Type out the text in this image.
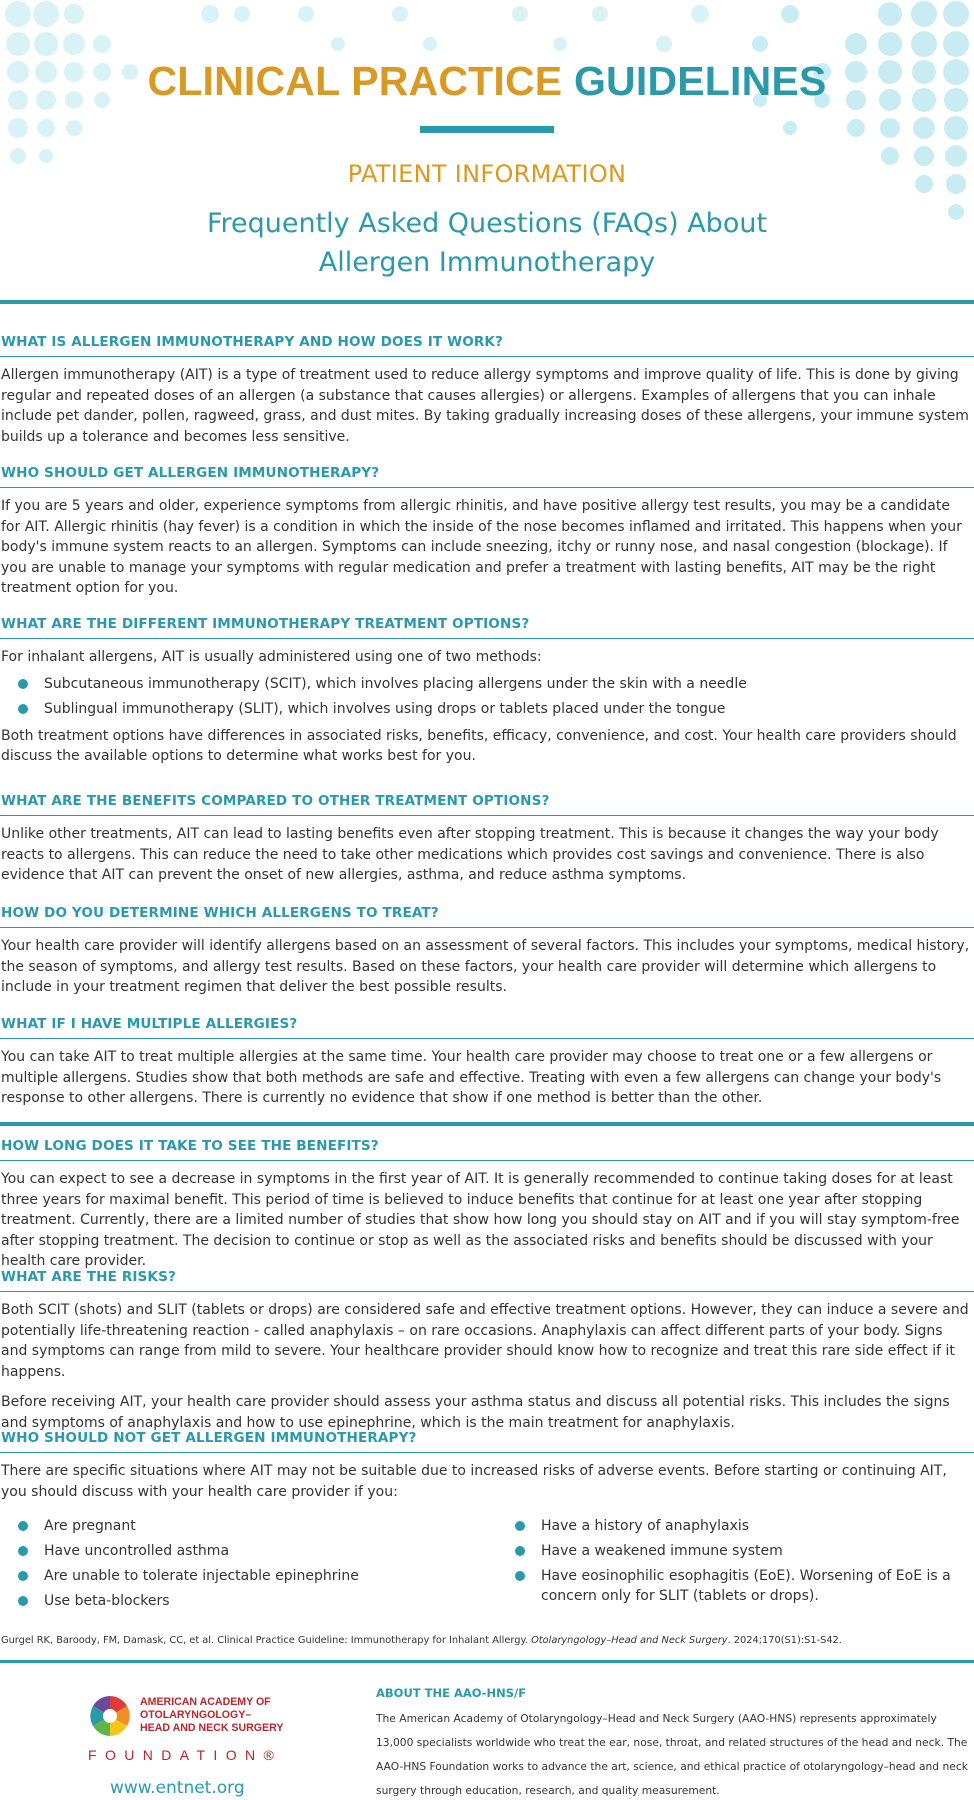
CLINICAL PRACTICE GUIDELINES
PATIENT INFORMATION
Frequently Asked Questions (FAQs) About
Allergen Immunotherapy
WHAT IS ALLERGEN IMMUNOTHERAPY AND HOW DOES IT WORK?
Allergen immunotherapy (AIT) is a type of treatment used to reduce allergy symptoms and improve quality of life. This is done by giving regular and repeated doses of an allergen (a substance that causes allergies) or allergens. Examples of allergens that you can inhale include pet dander, pollen, ragweed, grass, and dust mites. By taking gradually increasing doses of these allergens, your immune system builds up a tolerance and becomes less sensitive.
WHO SHOULD GET ALLERGEN IMMUNOTHERAPY?
If you are 5 years and older, experience symptoms from allergic rhinitis, and have positive allergy test results, you may be a candidate for AIT. Allergic rhinitis (hay fever) is a condition in which the inside of the nose becomes inflamed and irritated. This happens when your body's immune system reacts to an allergen. Symptoms can include sneezing, itchy or runny nose, and nasal congestion (blockage). If you are unable to manage your symptoms with regular medication and prefer a treatment with lasting benefits, AIT may be the right treatment option for you.
WHAT ARE THE DIFFERENT IMMUNOTHERAPY TREATMENT OPTIONS?
For inhalant allergens, AIT is usually administered using one of two methods:
Subcutaneous immunotherapy (SCIT), which involves placing allergens under the skin with a needle
Sublingual immunotherapy (SLIT), which involves using drops or tablets placed under the tongue
Both treatment options have differences in associated risks, benefits, efficacy, convenience, and cost. Your health care providers should discuss the available options to determine what works best for you.
WHAT ARE THE BENEFITS COMPARED TO OTHER TREATMENT OPTIONS?
Unlike other treatments, AIT can lead to lasting benefits even after stopping treatment. This is because it changes the way your body reacts to allergens. This can reduce the need to take other medications which provides cost savings and convenience. There is also evidence that AIT can prevent the onset of new allergies, asthma, and reduce asthma symptoms.
HOW DO YOU DETERMINE WHICH ALLERGENS TO TREAT?
Your health care provider will identify allergens based on an assessment of several factors. This includes your symptoms, medical history, the season of symptoms, and allergy test results. Based on these factors, your health care provider will determine which allergens to include in your treatment regimen that deliver the best possible results.
WHAT IF I HAVE MULTIPLE ALLERGIES?
You can take AIT to treat multiple allergies at the same time. Your health care provider may choose to treat one or a few allergens or multiple allergens. Studies show that both methods are safe and effective. Treating with even a few allergens can change your body's response to other allergens. There is currently no evidence that show if one method is better than the other.
HOW LONG DOES IT TAKE TO SEE THE BENEFITS?
You can expect to see a decrease in symptoms in the first year of AIT. It is generally recommended to continue taking doses for at least three years for maximal benefit. This period of time is believed to induce benefits that continue for at least one year after stopping treatment. Currently, there are a limited number of studies that show how long you should stay on AIT and if you will stay symptom-free after stopping treatment. The decision to continue or stop as well as the associated risks and benefits should be discussed with your health care provider.
WHAT ARE THE RISKS?
Both SCIT (shots) and SLIT (tablets or drops) are considered safe and effective treatment options. However, they can induce a severe and potentially life-threatening reaction - called anaphylaxis – on rare occasions. Anaphylaxis can affect different parts of your body. Signs and symptoms can range from mild to severe. Your healthcare provider should know how to recognize and treat this rare side effect if it happens.
Before receiving AIT, your health care provider should assess your asthma status and discuss all potential risks. This includes the signs and symptoms of anaphylaxis and how to use epinephrine, which is the main treatment for anaphylaxis.
WHO SHOULD NOT GET ALLERGEN IMMUNOTHERAPY?
There are specific situations where AIT may not be suitable due to increased risks of adverse events. Before starting or continuing AIT, you should discuss with your health care provider if you:
Are pregnant
Have uncontrolled asthma
Are unable to tolerate injectable epinephrine
Use beta-blockers
Have a history of anaphylaxis
Have a weakened immune system
Have eosinophilic esophagitis (EoE). Worsening of EoE is a concern only for SLIT (tablets or drops).
Gurgel RK, Baroody, FM, Damask, CC, et al. Clinical Practice Guideline: Immunotherapy for Inhalant Allergy. Otolaryngology–Head and Neck Surgery. 2024;170(S1):S1-S42.
AMERICAN ACADEMY OF
OTOLARYNGOLOGY–
HEAD AND NECK SURGERY
FOUNDATION®
www.entnet.org
ABOUT THE AAO-HNS/F
The American Academy of Otolaryngology–Head and Neck Surgery (AAO-HNS) represents approximately 13,000 specialists worldwide who treat the ear, nose, throat, and related structures of the head and neck. The AAO-HNS Foundation works to advance the art, science, and ethical practice of otolaryngology–head and neck surgery through education, research, and quality measurement.
